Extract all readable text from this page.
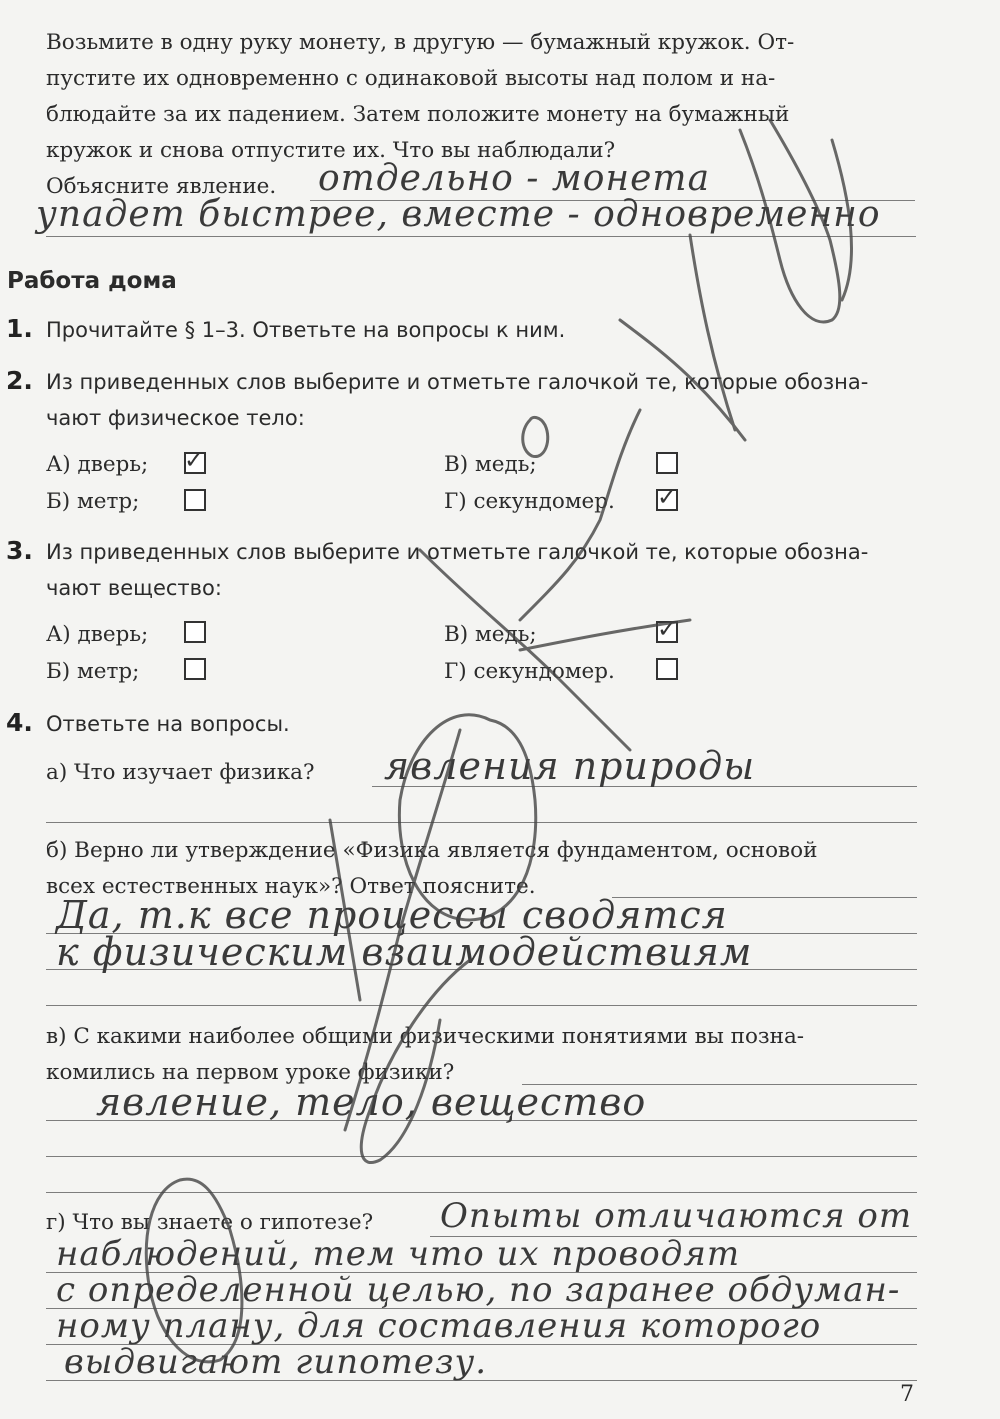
Возьмите в одну руку монету, в другую — бумажный кружок. От-
пустите их одновременно с одинаковой высоты над полом и на-
блюдайте за их падением. Затем положите монету на бумажный
кружок и снова отпустите их. Что вы наблюдали?
Объясните явление. отдельно - монета
упадет быстрее, вместе - одновременно
Работа дома
1. Прочитайте § 1–3. Ответьте на вопросы к ним.
2. Из приведенных слов выберите и отметьте галочкой те, которые обозна-
чают физическое тело:
А) дверь; ✓
Б) метр;
В) медь;
Г) секундомер. ✓
3. Из приведенных слов выберите и отметьте галочкой те, которые обозна-
чают вещество:
А) дверь;
Б) метр;
В) медь;	✓
Г) секундомер.
4. Ответьте на вопросы.
а) Что изучает физика? явления природы
б) Верно ли утверждение «Физика является фундаментом, основой
всех естественных наук»? Ответ поясните.
Да, т.к все процессы сводятся
к физическим взаимодействиям
в) С какими наиболее общими физическими понятиями вы позна-
комились на первом уроке физики?
явление, тело, вещество
г) Что вы знаете о гипотезе? Опыты отличаются от
наблюдений, тем что их проводят
с определенной целью, по заранее обдуман-
ному плану, для составления которого
выдвигают гипотезу.
7
